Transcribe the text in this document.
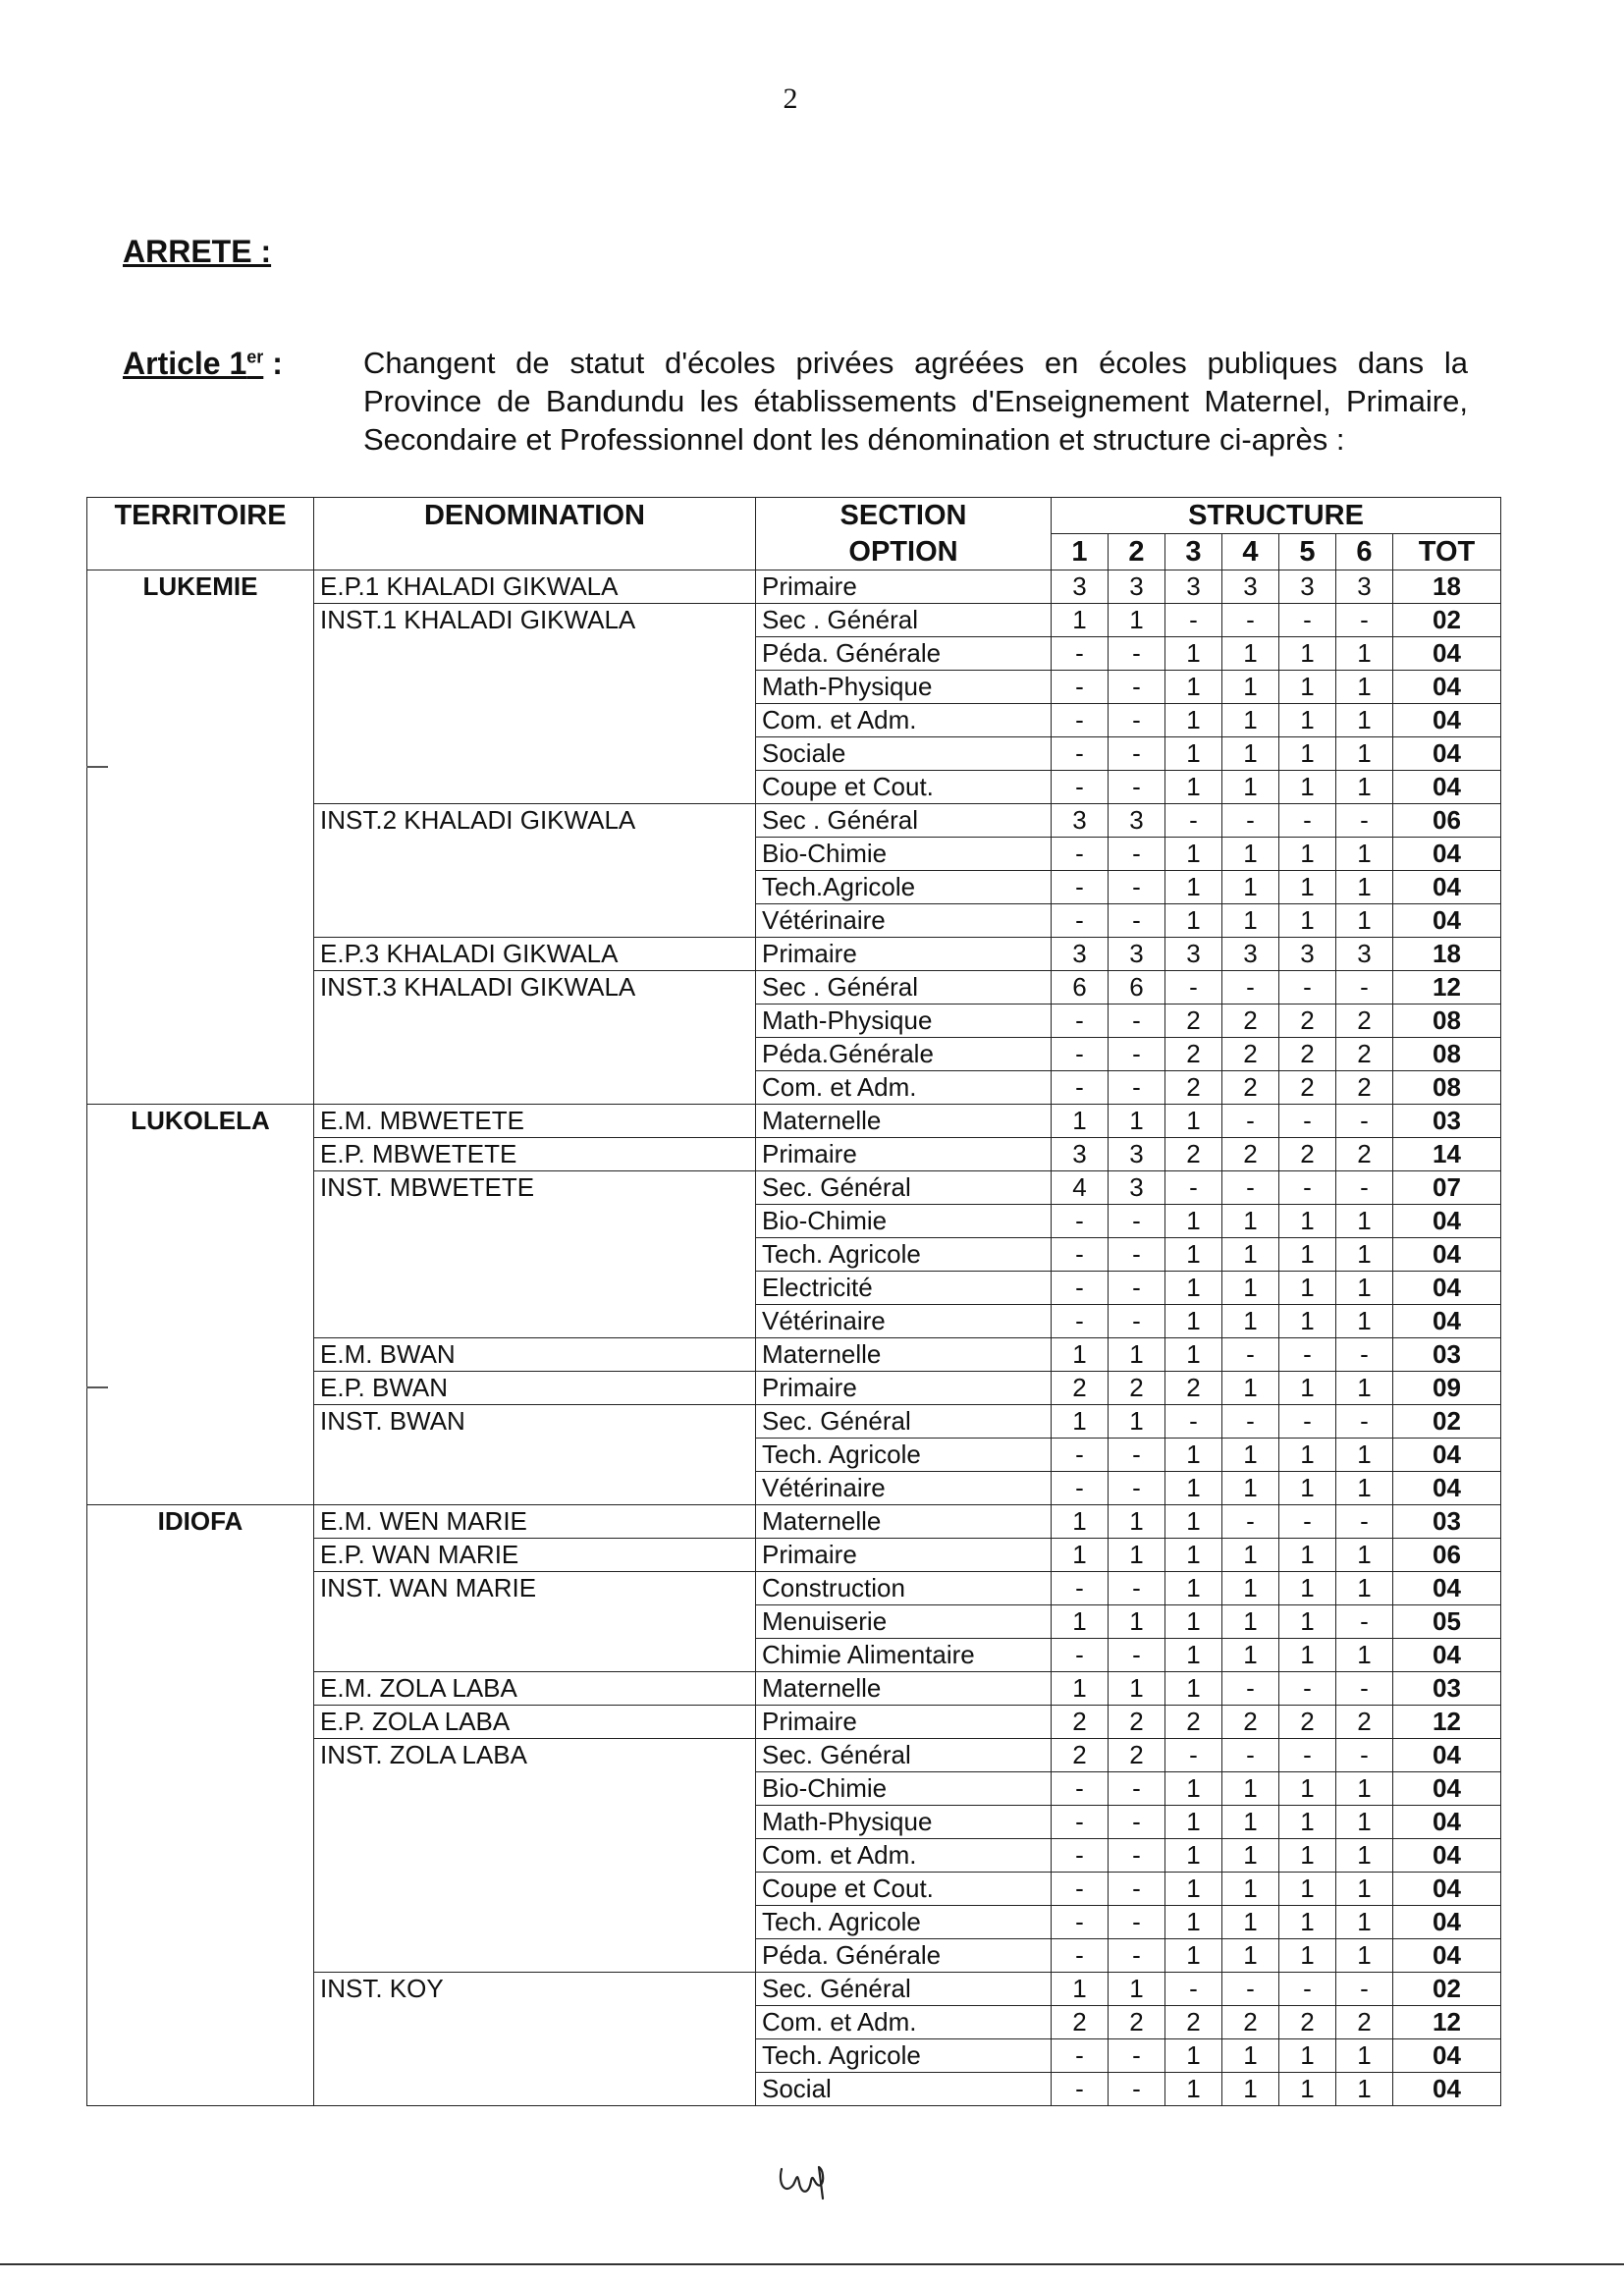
2
ARRETE :
Article 1er :	Changent de statut d'écoles privées agréées en écoles publiques dans la Province de Bandundu les établissements d'Enseignement Maternel, Primaire, Secondaire et Professionnel dont les dénomination et structure ci-après :
TERRITOIRE	DENOMINATION	SECTION	STRUCTURE						
		OPTION	1	2	3	4	5	6	TOT
LUKEMIE	E.P.1 KHALADI GIKWALA	Primaire	3	3	3	3	3	3	18
	INST.1 KHALADI GIKWALA	Sec . Général	1	1	-	-	-	-	02
		Péda. Générale	-	-	1	1	1	1	04
		Math-Physique	-	-	1	1	1	1	04
		Com. et Adm.	-	-	1	1	1	1	04
		Sociale	-	-	1	1	1	1	04
		Coupe et Cout.	-	-	1	1	1	1	04
	INST.2 KHALADI GIKWALA	Sec . Général	3	3	-	-	-	-	06
		Bio-Chimie	-	-	1	1	1	1	04
		Tech.Agricole	-	-	1	1	1	1	04
		Vétérinaire	-	-	1	1	1	1	04
	E.P.3 KHALADI GIKWALA	Primaire	3	3	3	3	3	3	18
	INST.3 KHALADI GIKWALA	Sec . Général	6	6	-	-	-	-	12
		Math-Physique	-	-	2	2	2	2	08
		Péda.Générale	-	-	2	2	2	2	08
		Com. et Adm.	-	-	2	2	2	2	08
LUKOLELA	E.M. MBWETETE	Maternelle	1	1	1	-	-	-	03
	E.P. MBWETETE	Primaire	3	3	2	2	2	2	14
	INST. MBWETETE	Sec. Général	4	3	-	-	-	-	07
		Bio-Chimie	-	-	1	1	1	1	04
		Tech. Agricole	-	-	1	1	1	1	04
		Electricité	-	-	1	1	1	1	04
		Vétérinaire	-	-	1	1	1	1	04
	E.M. BWAN	Maternelle	1	1	1	-	-	-	03
	E.P. BWAN	Primaire	2	2	2	1	1	1	09
	INST. BWAN	Sec. Général	1	1	-	-	-	-	02
		Tech. Agricole	-	-	1	1	1	1	04
		Vétérinaire	-	-	1	1	1	1	04
IDIOFA	E.M. WEN MARIE	Maternelle	1	1	1	-	-	-	03
	E.P. WAN MARIE	Primaire	1	1	1	1	1	1	06
	INST. WAN MARIE	Construction	-	-	1	1	1	1	04
		Menuiserie	1	1	1	1	1	-	05
		Chimie Alimentaire	-	-	1	1	1	1	04
	E.M. ZOLA LABA	Maternelle	1	1	1	-	-	-	03
	E.P. ZOLA LABA	Primaire	2	2	2	2	2	2	12
	INST. ZOLA LABA	Sec. Général	2	2	-	-	-	-	04
		Bio-Chimie	-	-	1	1	1	1	04
		Math-Physique	-	-	1	1	1	1	04
		Com. et Adm.	-	-	1	1	1	1	04
		Coupe et Cout.	-	-	1	1	1	1	04
		Tech. Agricole	-	-	1	1	1	1	04
		Péda. Générale	-	-	1	1	1	1	04
	INST. KOY	Sec. Général	1	1	-	-	-	-	02
		Com. et Adm.	2	2	2	2	2	2	12
		Tech. Agricole	-	-	1	1	1	1	04
		Social	-	-	1	1	1	1	04
